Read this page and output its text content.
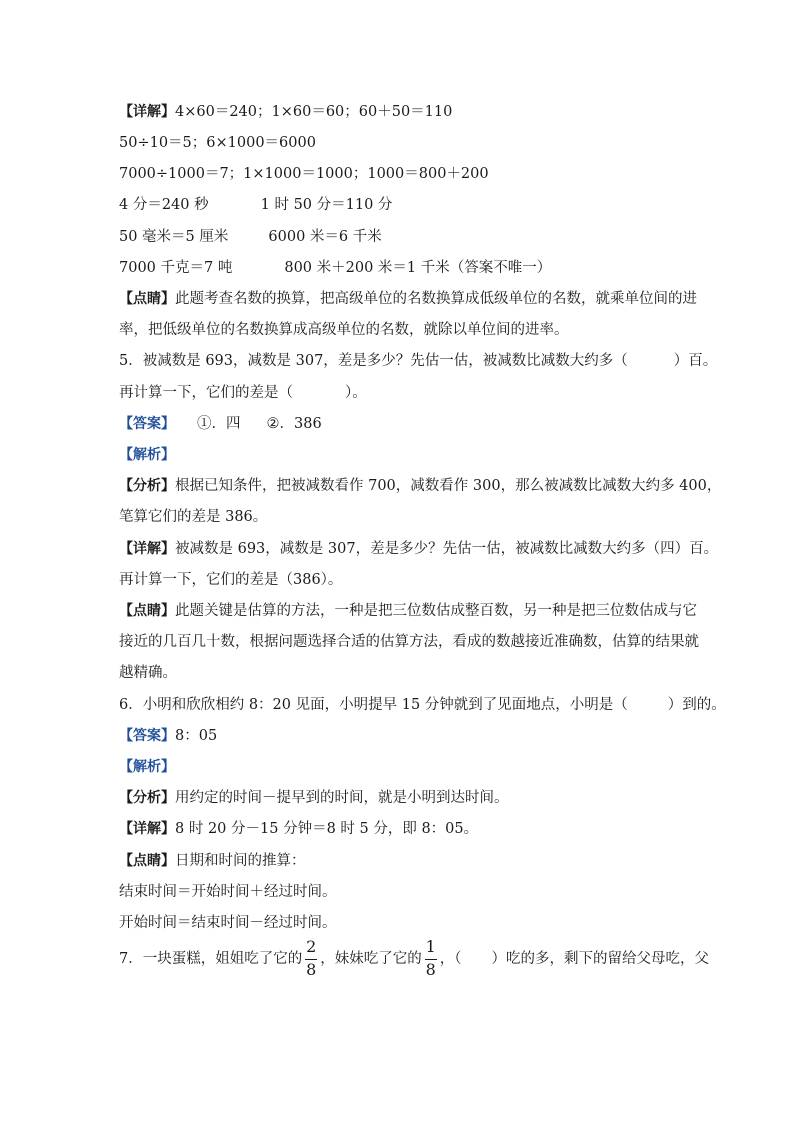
【详解】4×60＝240；1×60＝60；60＋50＝110
50÷10＝5；6×1000＝6000
7000÷1000＝7；1×1000＝1000；1000＝800＋200
4 分＝240 秒	1 时 50 分＝110 分
50 毫米＝5 厘米	6000 米＝6 千米
7000 千克＝7 吨	800 米＋200 米＝1 千米（答案不唯一）
【点睛】此题考查名数的换算，把高级单位的名数换算成低级单位的名数，就乘单位间的进
率，把低级单位的名数换算成高级单位的名数，就除以单位间的进率。
5．被减数是 693，减数是 307，差是多少？先估一估，被减数比减数大约多（	）百。
再计算一下，它们的差是（	）。
【答案】 ①．四 ②．386
【解析】
【分析】根据已知条件，把被减数看作 700，减数看作 300，那么被减数比减数大约多 400，
笔算它们的差是 386。
【详解】被减数是 693，减数是 307，差是多少？先估一估，被减数比减数大约多（四）百。
再计算一下，它们的差是（386）。
【点睛】此题关键是估算的方法，一种是把三位数估成整百数，另一种是把三位数估成与它
接近的几百几十数，根据问题选择合适的估算方法，看成的数越接近准确数，估算的结果就
越精确。
6．小明和欣欣相约 8：20 见面，小明提早 15 分钟就到了见面地点，小明是（	）到的。
【答案】8：05
【解析】
【分析】用约定的时间－提早到的时间，就是小明到达时间。
【详解】8 时 20 分－15 分钟＝8 时 5 分，即 8：05。
【点睛】日期和时间的推算：
结束时间＝开始时间＋经过时间。
开始时间＝结束时间－经过时间。
7．一块蛋糕，姐姐吃了它的 $\frac{2}{8}$ ，妹妹吃了它的 $\frac{1}{8}$ ，（ ）吃的多，剩下的留给父母吃，父
